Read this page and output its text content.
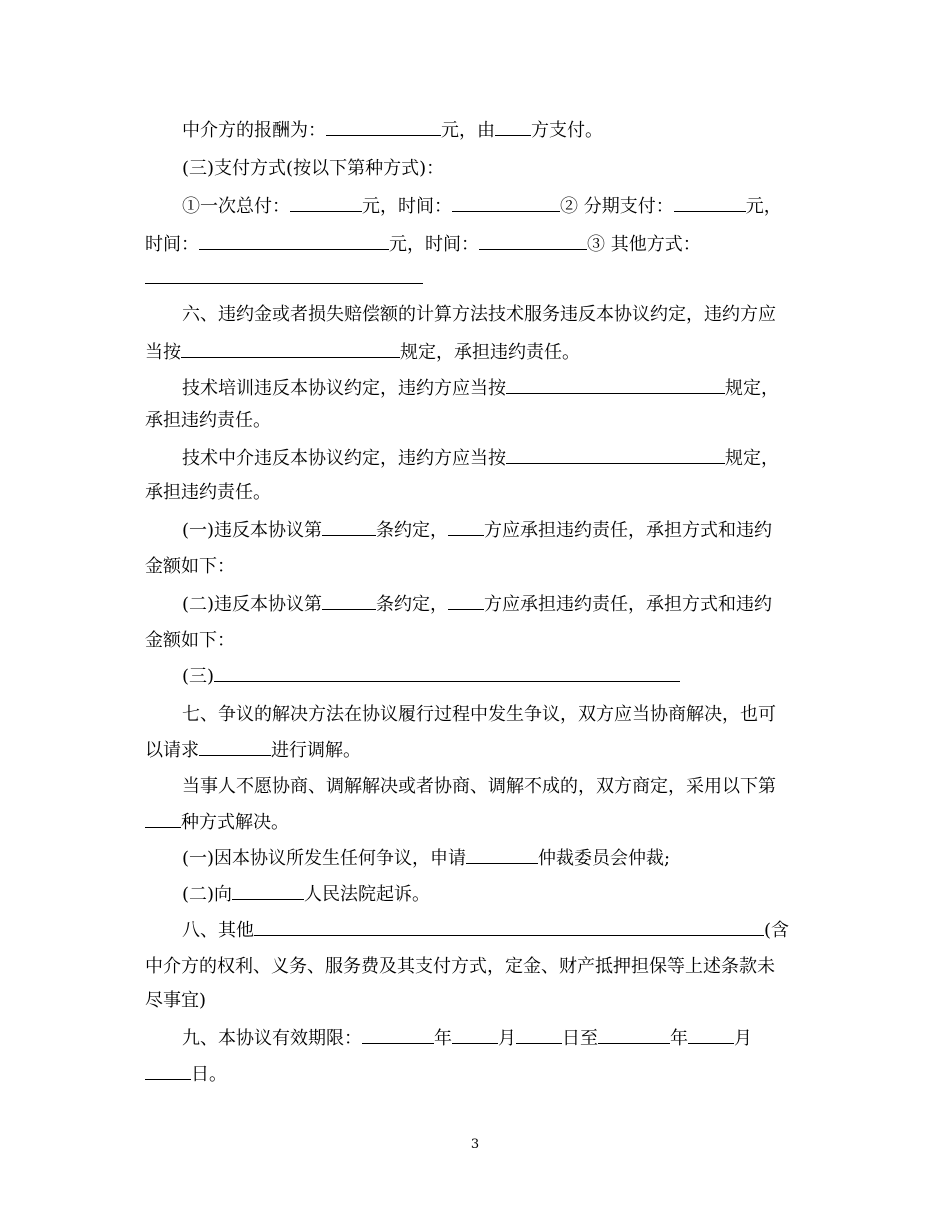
中介方的报酬为：	元，由 方支付。
(三)支付方式(按以下第种方式)：
①一次总付：	元，时间：	② 分期支付：	元，
时间：	元，时间：	③ 其他方式：
六、违约金或者损失赔偿额的计算方法技术服务违反本协议约定，违约方应
当按	规定，承担违约责任。
技术培训违反本协议约定，违约方应当按	规定，
承担违约责任。
技术中介违反本协议约定，违约方应当按	规定，
承担违约责任。
(一)违反本协议第	条约定， 方应承担违约责任，承担方式和违约
金额如下：
(二)违反本协议第	条约定， 方应承担违约责任，承担方式和违约
金额如下：
(三)
七、争议的解决方法在协议履行过程中发生争议，双方应当协商解决，也可
以请求	进行调解。
当事人不愿协商、调解解决或者协商、调解不成的，双方商定，采用以下第
种方式解决。
(一)因本协议所发生任何争议，申请	仲裁委员会仲裁;
(二)向	人民法院起诉。
八、其他	(含
中介方的权利、义务、服务费及其支付方式，定金、财产抵押担保等上述条款未
尽事宜)
九、本协议有效期限：	年	月	日至	年	月
日。
3
